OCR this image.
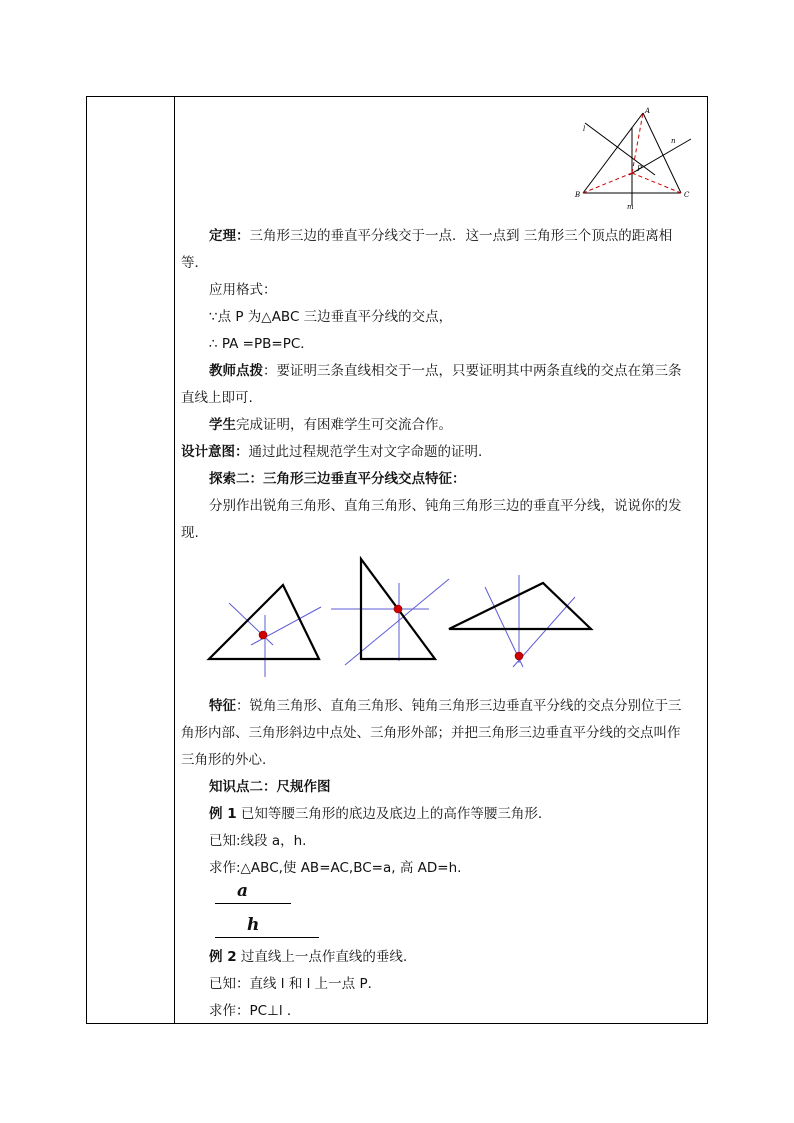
A
B	C
P
l
n
m
定理：三角形三边的垂直平分线交于一点．这一点到 三角形三个顶点的距离相
等．
应用格式：
∵点 P 为△ABC 三边垂直平分线的交点，
∴ PA =PB=PC．
教师点拨：要证明三条直线相交于一点，只要证明其中两条直线的交点在第三条
直线上即可.
学生完成证明，有困难学生可交流合作。
设计意图：通过此过程规范学生对文字命题的证明.
探索二：三角形三边垂直平分线交点特征：
分别作出锐角三角形、直角三角形、钝角三角形三边的垂直平分线，说说你的发
现.
特征：锐角三角形、直角三角形、钝角三角形三边垂直平分线的交点分别位于三
角形内部、三角形斜边中点处、三角形外部；并把三角形三边垂直平分线的交点叫作
三角形的外心.
知识点二：尺规作图
例 1 已知等腰三角形的底边及底边上的高作等腰三角形.
已知:线段 a，h.
求作:△ABC,使 AB=AC,BC=a, 高 AD=h.
a
h
例 2 过直线上一点作直线的垂线.
已知：直线 l 和 l 上一点 P．
求作：PC⊥l ．
